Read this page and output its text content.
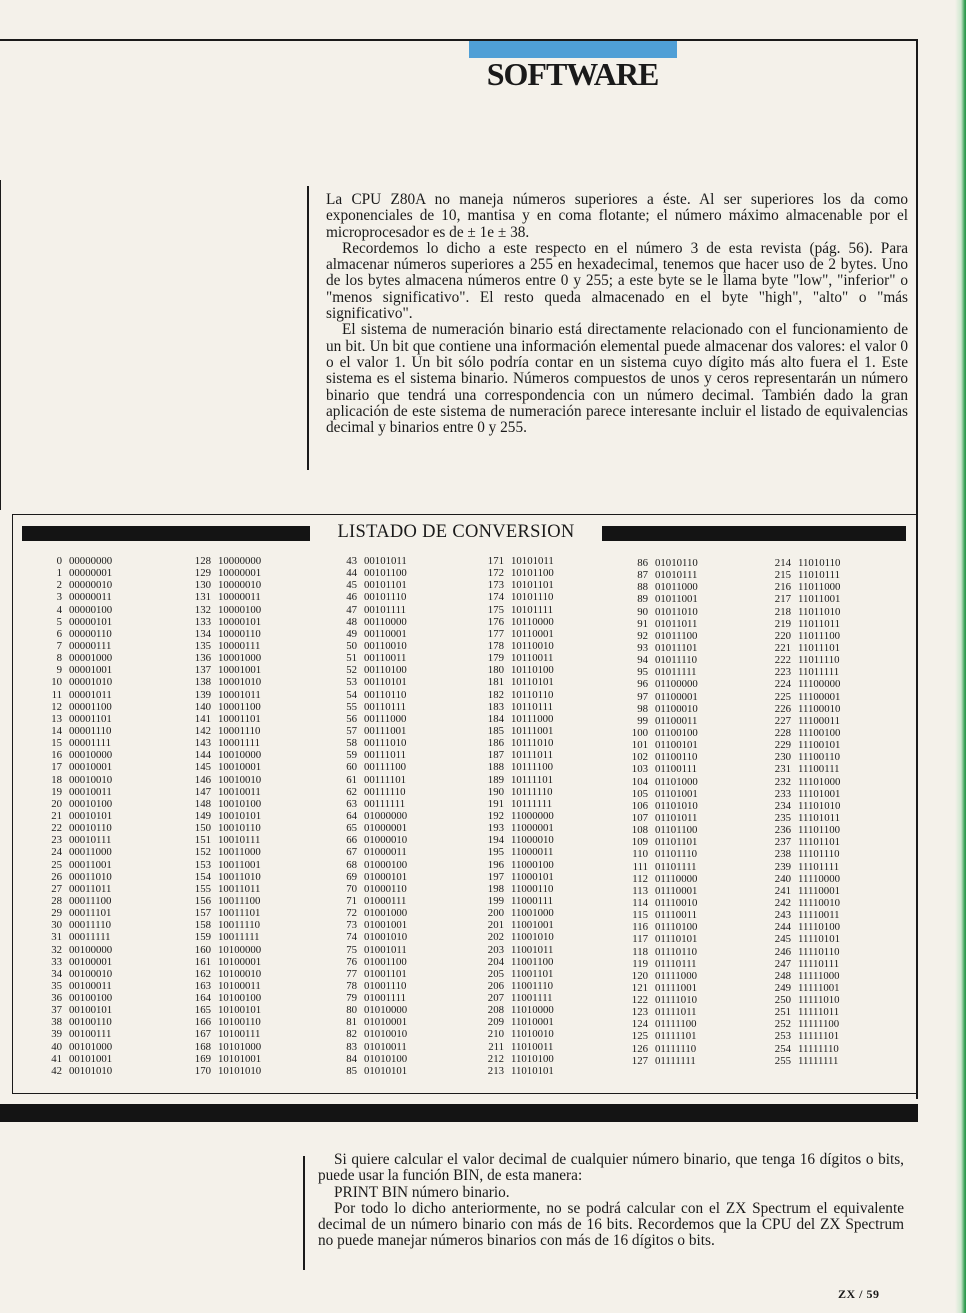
SOFTWARE

La CPU Z80A no maneja números superiores a éste. Al ser superiores los da como exponenciales de 10, mantisa y en coma flotante; el número máximo almacenable por el microprocesador es de ± 1e ± 38.

Recordemos lo dicho a este respecto en el número 3 de esta revista (pág. 56). Para almacenar números superiores a 255 en hexadecimal, tenemos que hacer uso de 2 bytes. Uno de los bytes almacena números entre 0 y 255; a este byte se le llama byte "low", "inferior" o "menos significativo". El resto queda almacenado en el byte "high", "alto" o "más significativo".

El sistema de numeración binario está directamente relacionado con el funcionamiento de un bit. Un bit que contiene una información elemental puede almacenar dos valores: el valor 0 o el valor 1. Un bit sólo podría contar en un sistema cuyo dígito más alto fuera el 1. Este sistema es el sistema binario. Números compuestos de unos y ceros representarán un número binario que tendrá una correspondencia con un número decimal. También dado la gran aplicación de este sistema de numeración parece interesante incluir el listado de equivalencias decimal y binarios entre 0 y 255.

LISTADO DE CONVERSION
0 00000000
1 00000001
2 00000010
3 00000011
4 00000100
5 00000101
6 00000110
7 00000111
8 00001000
9 00001001
10 00001010
11 00001011
12 00001100
13 00001101
14 00001110
15 00001111
16 00010000
17 00010001
18 00010010
19 00010011
20 00010100
21 00010101
22 00010110
23 00010111
24 00011000
25 00011001
26 00011010
27 00011011
28 00011100
29 00011101
30 00011110
31 00011111
32 00100000
33 00100001
34 00100010
35 00100011
36 00100100
37 00100101
38 00100110
39 00100111
40 00101000
41 00101001
42 00101010
128 10000000
129 10000001
130 10000010
131 10000011
132 10000100
133 10000101
134 10000110
135 10000111
136 10001000
137 10001001
138 10001010
139 10001011
140 10001100
141 10001101
142 10001110
143 10001111
144 10010000
145 10010001
146 10010010
147 10010011
148 10010100
149 10010101
150 10010110
151 10010111
152 10011000
153 10011001
154 10011010
155 10011011
156 10011100
157 10011101
158 10011110
159 10011111
160 10100000
161 10100001
162 10100010
163 10100011
164 10100100
165 10100101
166 10100110
167 10100111
168 10101000
169 10101001
170 10101010
43 00101011
44 00101100
45 00101101
46 00101110
47 00101111
48 00110000
49 00110001
50 00110010
51 00110011
52 00110100
53 00110101
54 00110110
55 00110111
56 00111000
57 00111001
58 00111010
59 00111011
60 00111100
61 00111101
62 00111110
63 00111111
64 01000000
65 01000001
66 01000010
67 01000011
68 01000100
69 01000101
70 01000110
71 01000111
72 01001000
73 01001001
74 01001010
75 01001011
76 01001100
77 01001101
78 01001110
79 01001111
80 01010000
81 01010001
82 01010010
83 01010011
84 01010100
85 01010101
171 10101011
172 10101100
173 10101101
174 10101110
175 10101111
176 10110000
177 10110001
178 10110010
179 10110011
180 10110100
181 10110101
182 10110110
183 10110111
184 10111000
185 10111001
186 10111010
187 10111011
188 10111100
189 10111101
190 10111110
191 10111111
192 11000000
193 11000001
194 11000010
195 11000011
196 11000100
197 11000101
198 11000110
199 11000111
200 11001000
201 11001001
202 11001010
203 11001011
204 11001100
205 11001101
206 11001110
207 11001111
208 11010000
209 11010001
210 11010010
211 11010011
212 11010100
213 11010101
86 01010110
87 01010111
88 01011000
89 01011001
90 01011010
91 01011011
92 01011100
93 01011101
94 01011110
95 01011111
96 01100000
97 01100001
98 01100010
99 01100011
100 01100100
101 01100101
102 01100110
103 01100111
104 01101000
105 01101001
106 01101010
107 01101011
108 01101100
109 01101101
110 01101110
111 01101111
112 01110000
113 01110001
114 01110010
115 01110011
116 01110100
117 01110101
118 01110110
119 01110111
120 01111000
121 01111001
122 01111010
123 01111011
124 01111100
125 01111101
126 01111110
127 01111111
214 11010110
215 11010111
216 11011000
217 11011001
218 11011010
219 11011011
220 11011100
221 11011101
222 11011110
223 11011111
224 11100000
225 11100001
226 11100010
227 11100011
228 11100100
229 11100101
230 11100110
231 11100111
232 11101000
233 11101001
234 11101010
235 11101011
236 11101100
237 11101101
238 11101110
239 11101111
240 11110000
241 11110001
242 11110010
243 11110011
244 11110100
245 11110101
246 11110110
247 11110111
248 11111000
249 11111001
250 11111010
251 11111011
252 11111100
253 11111101
254 11111110
255 11111111

Si quiere calcular el valor decimal de cualquier número binario, que tenga 16 dígitos o bits, puede usar la función BIN, de esta manera:

PRINT BIN número binario.

Por todo lo dicho anteriormente, no se podrá calcular con el ZX Spectrum el equivalente decimal de un número binario con más de 16 bits. Recordemos que la CPU del ZX Spectrum no puede manejar números binarios con más de 16 dígitos o bits.

ZX / 59
